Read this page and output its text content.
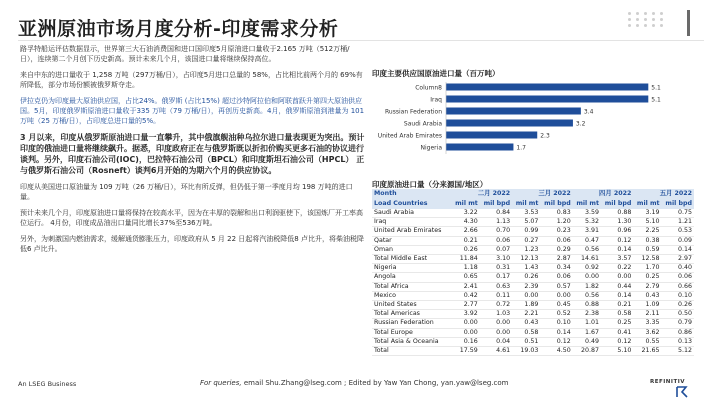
亚洲原油市场月度分析-印度需求分析

路孚特船运评估数据显示，世界第三大石油消费国和进口国印度5月原油进口量收于2.165 万吨（512万桶/日），连续第二个月创下历史新高。预计未来几个月，该国进口量将继续保持高位。

来自中东的进口量收于 1,258 万吨（297万桶/日），占印度5月进口总量的 58%，占比相比前两个月的 69%有所降低，部分市场份额被俄罗斯夺走。

伊拉克仍为印度最大原油供应国，占比24%。俄罗斯 (占比15%) 超过沙特阿拉伯和阿联酋跃升第四大原油供应国。5月，印度俄罗斯原油进口量收于335 万吨（79 万桶/日），再创历史新高。4月，俄罗斯原油到港量为 101 万吨（25 万桶/日），占印度总进口量的5%。

3 月以来，印度从俄罗斯原油进口量一直攀升，其中俄旗舰油种乌拉尔进口量表现更为突出。预计印度的俄油进口量将继续飙升。据悉，印度政府正在与俄罗斯既以折扣价购买更多石油的协议进行谈判。另外，印度石油公司(IOC)，巴拉特石油公司（BPCL）和印度斯坦石油公司（HPCL） 正与俄罗斯石油公司（Rosneft）谈判6月开始的为期六个月的供应协议。

印度从美国进口原油量为 109 万吨（26 万桶/日），环比有所反弹，但仍低于第一季度月均 198 万吨的进口量。

预计未来几个月，印度原油进口量将保持在较高水平，因为在丰厚的裂解和出口利润驱使下，该国炼厂开工率高位运行。 4月份，印度成品油出口量同比增长37%至536万吨。

另外，为刺激国内燃油需求，缓解通货膨胀压力，印度政府从 5 月 22 日起将汽油税降低8 卢比升，将柴油税降低6 卢比升。

印度主要供应国原油进口量（百万吨）
Column8	5.1
Iraq	5.1
Russian Federation	3.4
Saudi Arabia	3.2
United Arab Emirates	2.3
Nigeria	1.7
印度原油进口量（分来源国/地区）
Month		二月 2022		三月 2022		四月 2022		五月 2022	
Load Countries		mil mt	mil bpd	mil mt	mil bpd	mil mt	mil bpd	mil mt	mil bpd
Saudi Arabia		3.22	0.84	3.53	0.83	3.59	0.88	3.19	0.75
Iraq		4.30	1.13	5.07	1.20	5.32	1.30	5.10	1.21
United Arab Emirates		2.66	0.70	0.99	0.23	3.91	0.96	2.25	0.53
Qatar		0.21	0.06	0.27	0.06	0.47	0.12	0.38	0.09
Oman		0.26	0.07	1.23	0.29	0.56	0.14	0.59	0.14
Total Middle East		11.84	3.10	12.13	2.87	14.61	3.57	12.58	2.97
Nigeria		1.18	0.31	1.43	0.34	0.92	0.22	1.70	0.40
Angola		0.65	0.17	0.26	0.06	0.00	0.00	0.25	0.06
Total Africa		2.41	0.63	2.39	0.57	1.82	0.44	2.79	0.66
Mexico		0.42	0.11	0.00	0.00	0.56	0.14	0.43	0.10
United States		2.77	0.72	1.89	0.45	0.88	0.21	1.09	0.26
Total Americas		3.92	1.03	2.21	0.52	2.38	0.58	2.11	0.50
Russian Federation		0.00	0.00	0.43	0.10	1.01	0.25	3.35	0.79
Total Europe		0.00	0.00	0.58	0.14	1.67	0.41	3.62	0.86
Total Asia & Oceania		0.16	0.04	0.51	0.12	0.49	0.12	0.55	0.13
Total		17.59	4.61	19.03	4.50	20.87	5.10	21.65	5.12
An LSEG Business	For queries, email Shu.Zhang@lseg.com ; Edited by Yaw Yan Chong, yan.yaw@lseg.com	REFINITIV
